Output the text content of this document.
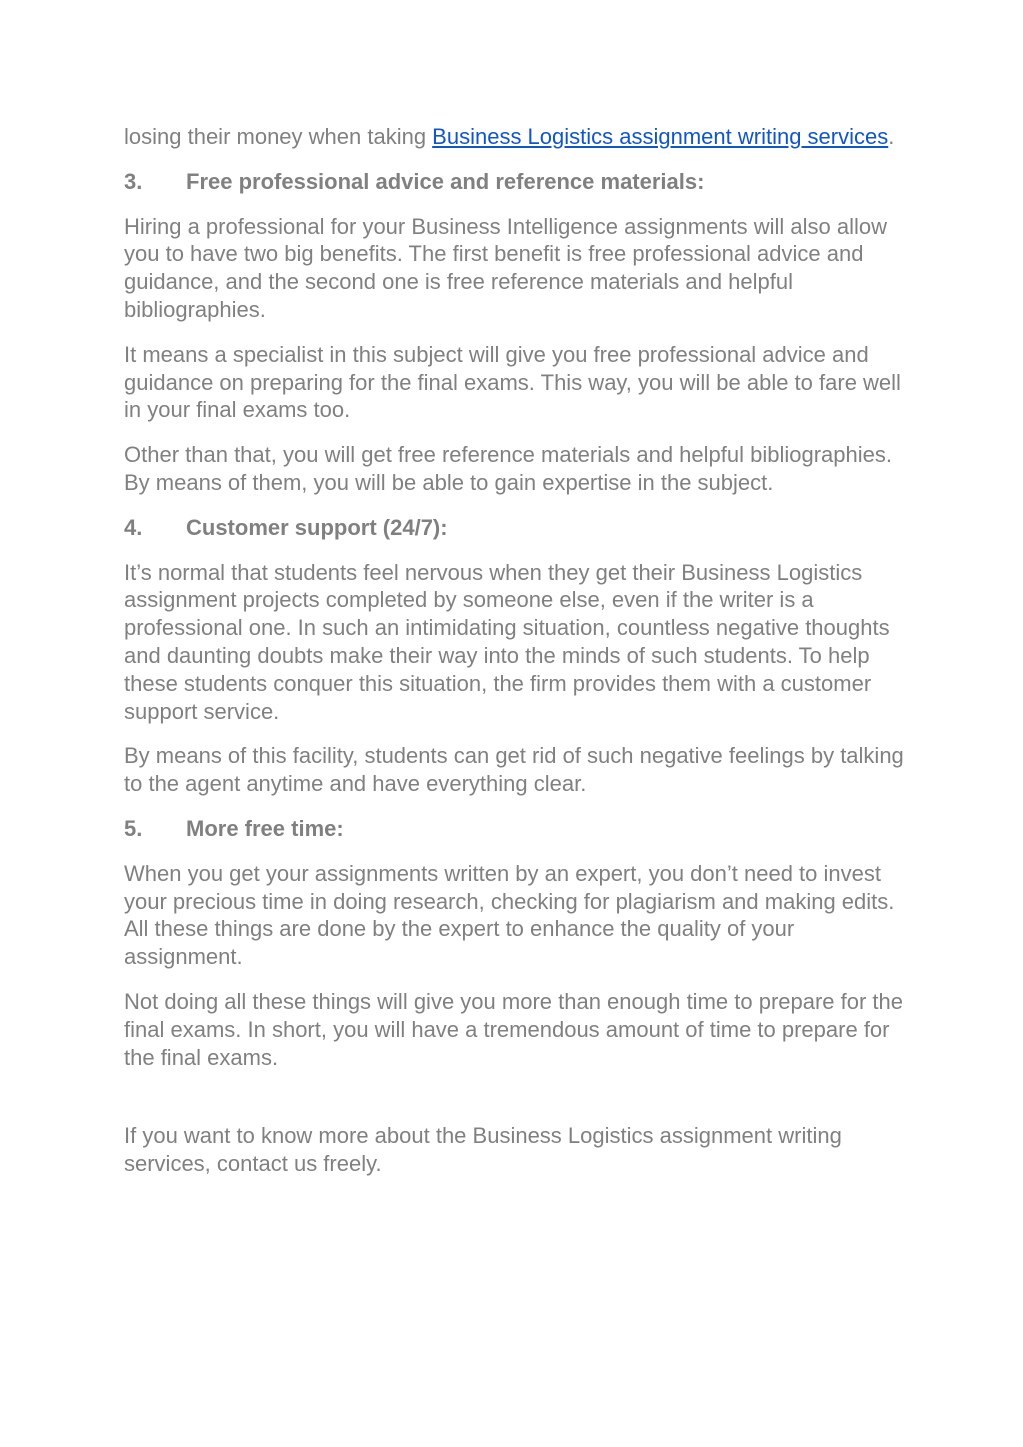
losing their money when taking Business Logistics assignment writing services.

3.	Free professional advice and reference materials:

Hiring a professional for your Business Intelligence assignments will also allow you to have two big benefits. The first benefit is free professional advice and guidance, and the second one is free reference materials and helpful bibliographies.

It means a specialist in this subject will give you free professional advice and guidance on preparing for the final exams. This way, you will be able to fare well in your final exams too.

Other than that, you will get free reference materials and helpful bibliographies. By means of them, you will be able to gain expertise in the subject.

4.	Customer support (24/7):

It’s normal that students feel nervous when they get their Business Logistics assignment projects completed by someone else, even if the writer is a professional one. In such an intimidating situation, countless negative thoughts and daunting doubts make their way into the minds of such students. To help these students conquer this situation, the firm provides them with a customer support service.

By means of this facility, students can get rid of such negative feelings by talking to the agent anytime and have everything clear.

5.	More free time:

When you get your assignments written by an expert, you don’t need to invest your precious time in doing research, checking for plagiarism and making edits. All these things are done by the expert to enhance the quality of your assignment.

Not doing all these things will give you more than enough time to prepare for the final exams. In short, you will have a tremendous amount of time to prepare for the final exams.

If you want to know more about the Business Logistics assignment writing services, contact us freely.
